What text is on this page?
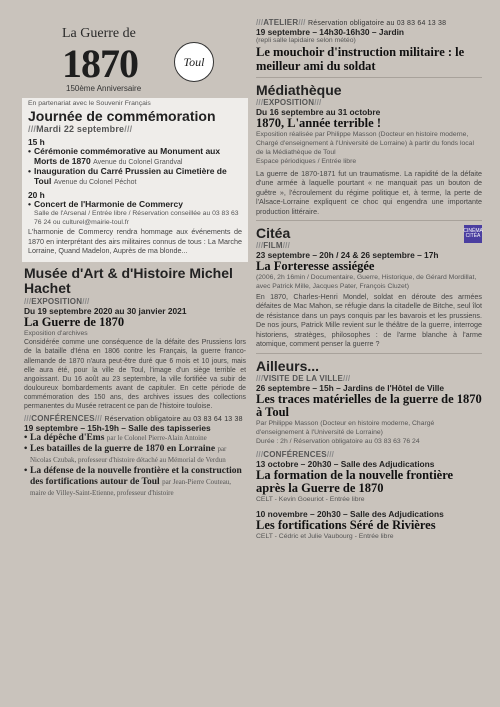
La Guerre de
1870
150ème Anniversaire
Toul
En partenariat avec le Souvenir Français
Journée de commémoration
///Mardi 22 septembre///
15 h
• Cérémonie commémorative au Monument aux Morts de 1870 Avenue du Colonel Grandval
• Inauguration du Carré Prussien au Cimetière de Toul Avenue du Colonel Péchot
20 h
• Concert de l'Harmonie de Commercy
Salle de l'Arsenal / Entrée libre / Réservation conseillée au 03 83 63 76 24 ou culturel@mairie-toul.fr
L'harmonie de Commercy rendra hommage aux événements de 1870 en interprétant des airs militaires connus de tous : La Marche Lorraine, Quand Madelon, Auprès de ma blonde...
Musée d'Art & d'Histoire Michel Hachet
///EXPOSITION///
Du 19 septembre 2020 au 30 janvier 2021
La Guerre de 1870
Exposition d'archives
Considérée comme une conséquence de la défaite des Prussiens lors de la bataille d'Iéna en 1806 contre les Français, la guerre franco-allemande de 1870 n'aura peut-être duré que 6 mois et 10 jours, mais elle aura été, pour la ville de Toul, l'image d'un siège terrible et angoissant. Du 16 août au 23 septembre, la ville fortifiée va subir de douloureux bombardements avant de capituler. En cette période de commémoration des 150 ans, des archives issues des collections permanentes du Musée retracent ce pan de l'histoire touloise.
///CONFÉRENCES/// Réservation obligatoire au 03 83 64 13 38
19 septembre – 15h-19h – Salle des tapisseries
• La dépêche d'Ems par le Colonel Pierre-Alain Antoine
• Les batailles de la guerre de 1870 en Lorraine par Nicolas Czubak, professeur d'histoire détaché au Mémorial de Verdun
• La défense de la nouvelle frontière et la construction des fortifications autour de Toul par Jean-Pierre Couteau, maire de Villey-Saint-Etienne, professeur d'histoire
///ATELIER/// Réservation obligatoire au 03 83 64 13 38
19 septembre – 14h30-16h30 – Jardin
(repli salle lapidaire selon météo)
Le mouchoir d'instruction militaire : le meilleur ami du soldat
Médiathèque
///EXPOSITION///
Du 16 septembre au 31 octobre
1870, L'année terrible !
Exposition réalisée par Philippe Masson (Docteur en histoire moderne, Chargé d'enseignement à l'Université de Lorraine) à partir du fonds local de la Médiathèque de Toul
Espace périodiques / Entrée libre
La guerre de 1870-1871 fut un traumatisme. La rapidité de la défaite d'une armée à laquelle pourtant « ne manquait pas un bouton de guêtre », l'écroulement du régime politique et, à terme, la perte de l'Alsace-Lorraine expliquent ce choc qui engendra une importante production littéraire.
CINÉMA CITÉA
Citéa
///FILM///
23 septembre – 20h / 24 & 26 septembre – 17h
La Forteresse assiégée
(2006, 2h 16min / Documentaire, Guerre, Historique, de Gérard Mordillat, avec Patrick Mille, Jacques Pater, François Cluzet)
En 1870, Charles-Henri Mondel, soldat en déroute des armées défaites de Mac Mahon, se réfugie dans la citadelle de Bitche, seul îlot de résistance dans un pays conquis par les bavarois et les prussiens. De nos jours, Patrick Mille revient sur le théâtre de la guerre, interroge historiens, stratèges, philosophes : de l'arme blanche à l'arme atomique, comment penser la guerre ?
Ailleurs...
///VISITE DE LA VILLE///
26 septembre – 15h – Jardins de l'Hôtel de Ville
Les traces matérielles de la guerre de 1870 à Toul
Par Philippe Masson (Docteur en histoire moderne, Chargé d'enseignement à l'Université de Lorraine)
Durée : 2h / Réservation obligatoire au 03 83 63 76 24
///CONFÉRENCES///
13 octobre – 20h30 – Salle des Adjudications
La formation de la nouvelle frontière après la Guerre de 1870
CELT - Kevin Goeuriot - Entrée libre
10 novembre – 20h30 – Salle des Adjudications
Les fortifications Séré de Rivières
CELT - Cédric et Julie Vaubourg - Entrée libre
